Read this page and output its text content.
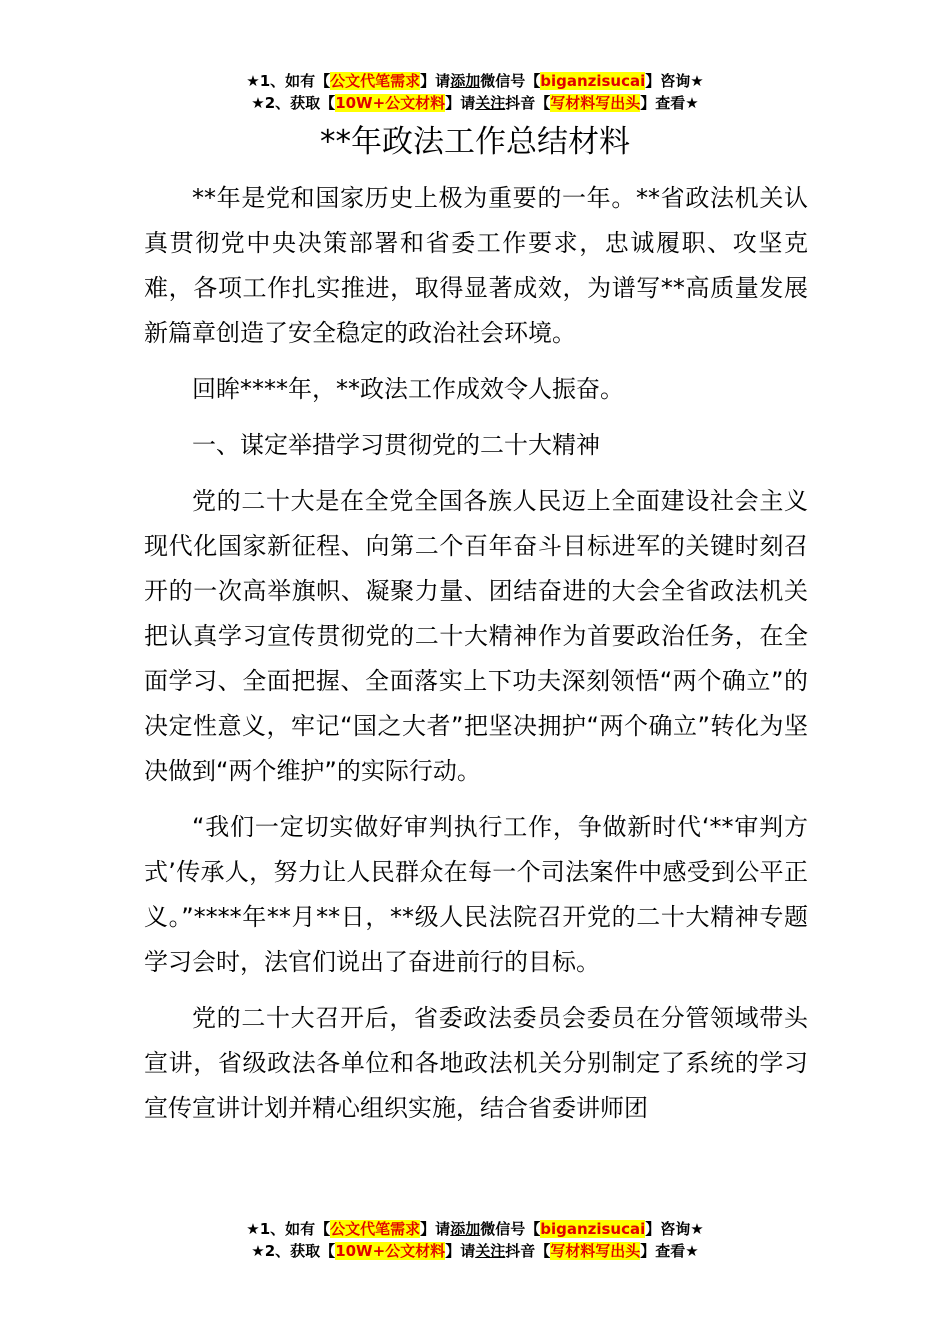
★1、如有【公文代笔需求】请添加微信号【biganzisucai】咨询★
★2、获取【10W+公文材料】请关注抖音【写材料写出头】查看★
**年政法工作总结材料

**年是党和国家历史上极为重要的一年。**省政法机关认真贯彻党中央决策部署和省委工作要求，忠诚履职、攻坚克难，各项工作扎实推进，取得显著成效，为谱写**高质量发展新篇章创造了安全稳定的政治社会环境。

回眸****年，**政法工作成效令人振奋。

一、谋定举措学习贯彻党的二十大精神

党的二十大是在全党全国各族人民迈上全面建设社会主义现代化国家新征程、向第二个百年奋斗目标进军的关键时刻召开的一次高举旗帜、凝聚力量、团结奋进的大会全省政法机关把认真学习宣传贯彻党的二十大精神作为首要政治任务，在全面学习、全面把握、全面落实上下功夫深刻领悟“两个确立”的决定性意义，牢记“国之大者”把坚决拥护“两个确立”转化为坚决做到“两个维护”的实际行动。

“我们一定切实做好审判执行工作，争做新时代‘**审判方式’传承人，努力让人民群众在每一个司法案件中感受到公平正义。”****年**月**日，**级人民法院召开党的二十大精神专题学习会时，法官们说出了奋进前行的目标。

党的二十大召开后，省委政法委员会委员在分管领域带头宣讲，省级政法各单位和各地政法机关分别制定了系统的学习宣传宣讲计划并精心组织实施，结合省委讲师团

★1、如有【公文代笔需求】请添加微信号【biganzisucai】咨询★
★2、获取【10W+公文材料】请关注抖音【写材料写出头】查看★
